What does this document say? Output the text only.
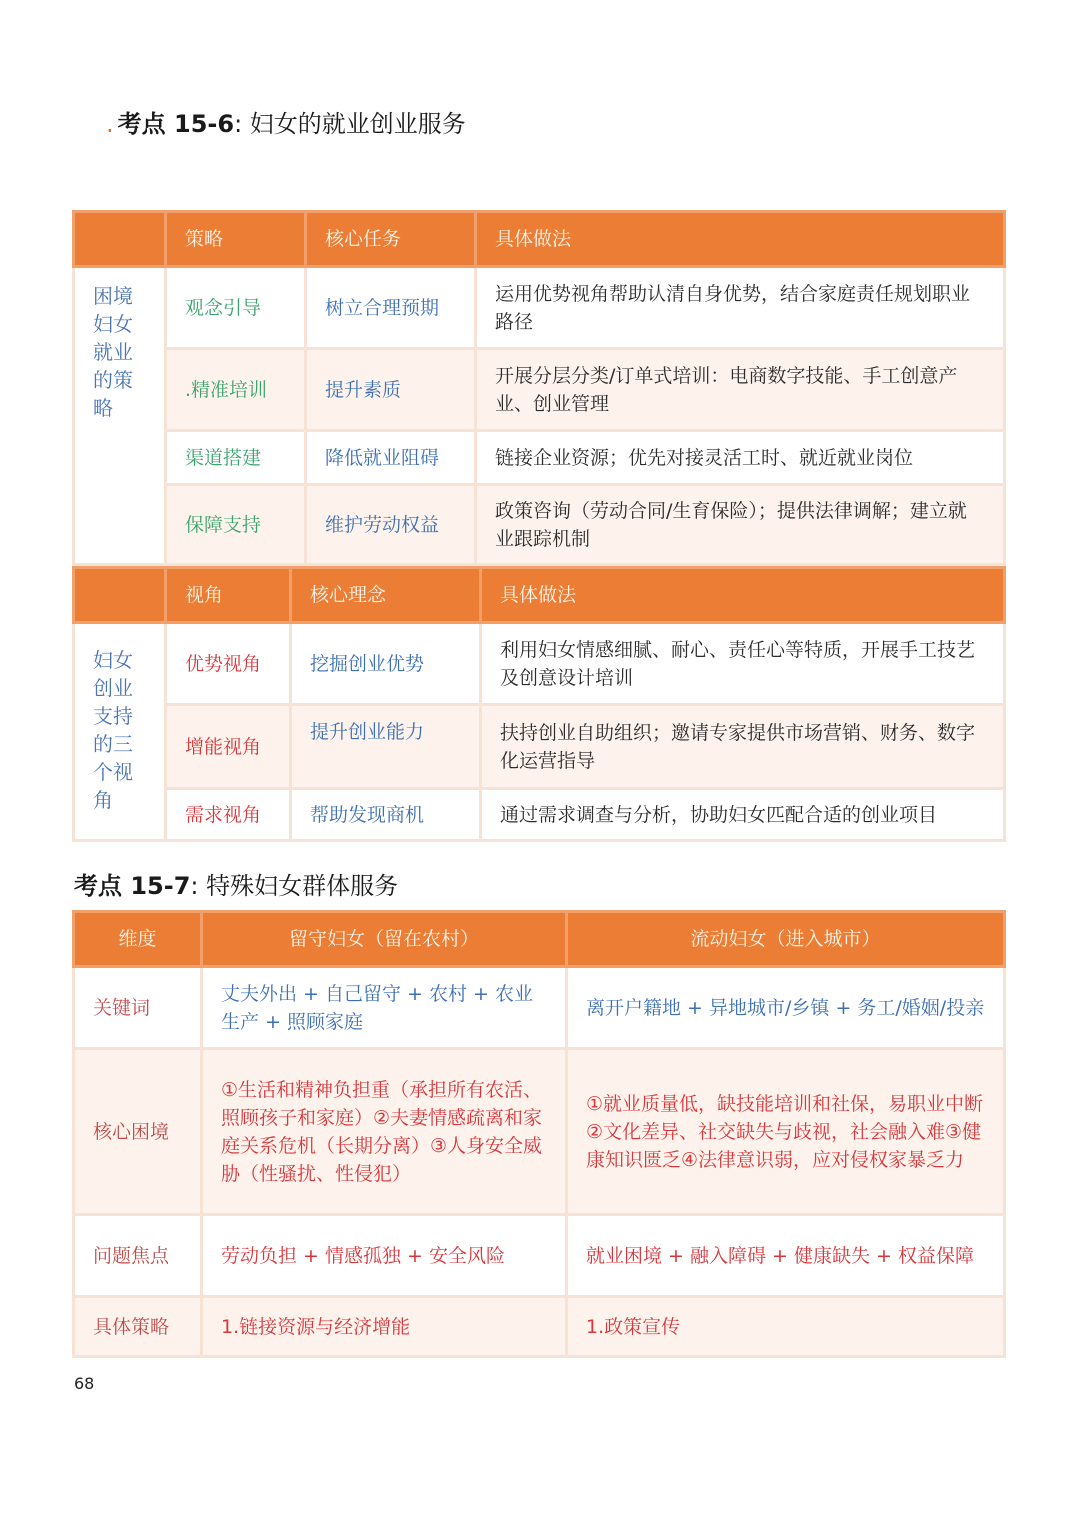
. 考点 15-6: 妇女的就业创业服务
	策略	核心任务	具体做法

困境妇女就业的策略	观念引导	树立合理预期	运用优势视角帮助认清自身优势，结合家庭责任规划职业路径
	.精准培训	提升素质	开展分层分类/订单式培训：电商数字技能、手工创意产业、创业管理
	渠道搭建	降低就业阻碍	链接企业资源；优先对接灵活工时、就近就业岗位
	保障支持	维护劳动权益	政策咨询（劳动合同/生育保险）；提供法律调解；建立就业跟踪机制
	视角	核心理念	具体做法

妇女创业支持的三个视角	优势视角	挖掘创业优势	利用妇女情感细腻、耐心、责任心等特质，开展手工技艺及创意设计培训
	增能视角	提升创业能力	扶持创业自助组织；邀请专家提供市场营销、财务、数字化运营指导
	需求视角	帮助发现商机	通过需求调查与分析，协助妇女匹配合适的创业项目
考点 15-7: 特殊妇女群体服务
维度	留守妇女（留在农村）	流动妇女（进入城市）
关键词	丈夫外出 + 自己留守 + 农村 + 农业生产 + 照顾家庭	离开户籍地 + 异地城市/乡镇 + 务工/婚姻/投亲
核心困境	①生活和精神负担重（承担所有农活、照顾孩子和家庭）②夫妻情感疏离和家庭关系危机（长期分离）③人身安全威胁（性骚扰、性侵犯）	①就业质量低，缺技能培训和社保，易职业中断②文化差异、社交缺失与歧视，社会融入难③健康知识匮乏④法律意识弱，应对侵权家暴乏力
问题焦点	劳动负担 + 情感孤独 + 安全风险	就业困境 + 融入障碍 + 健康缺失 + 权益保障
具体策略	1.链接资源与经济增能	1.政策宣传
68
